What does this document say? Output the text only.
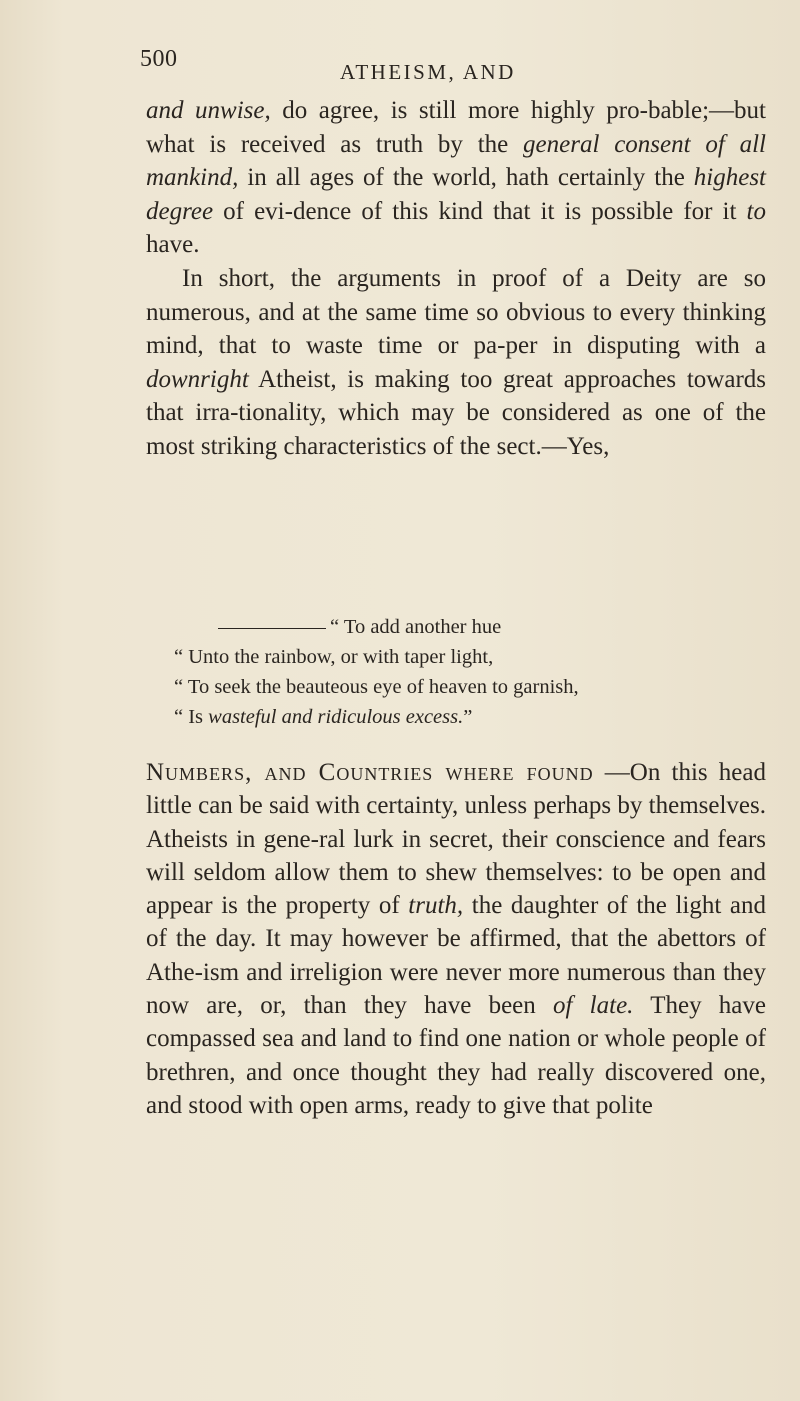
500	ATHEISM, AND

and unwise, do agree, is still more highly pro-bable;—but what is received as truth by the general consent of all mankind, in all ages of the world, hath certainly the highest degree of evi-dence of this kind that it is possible for it to have.

In short, the arguments in proof of a Deity are so numerous, and at the same time so obvious to every thinking mind, that to waste time or pa-per in disputing with a downright Atheist, is making too great approaches towards that irra-tionality, which may be considered as one of the most striking characteristics of the sect.—Yes,

“ To add another hue
“ Unto the rainbow, or with taper light,
“ To seek the beauteous eye of heaven to garnish,
“ Is wasteful and ridiculous excess.”

Numbers, and Countries where found —On this head little can be said with certainty, unless perhaps by themselves. Atheists in gene-ral lurk in secret, their conscience and fears will seldom allow them to shew themselves: to be open and appear is the property of truth, the daughter of the light and of the day. It may however be affirmed, that the abettors of Athe-ism and irreligion were never more numerous than they now are, or, than they have been of late. They have compassed sea and land to find one nation or whole people of brethren, and once thought they had really discovered one, and stood with open arms, ready to give that polite
